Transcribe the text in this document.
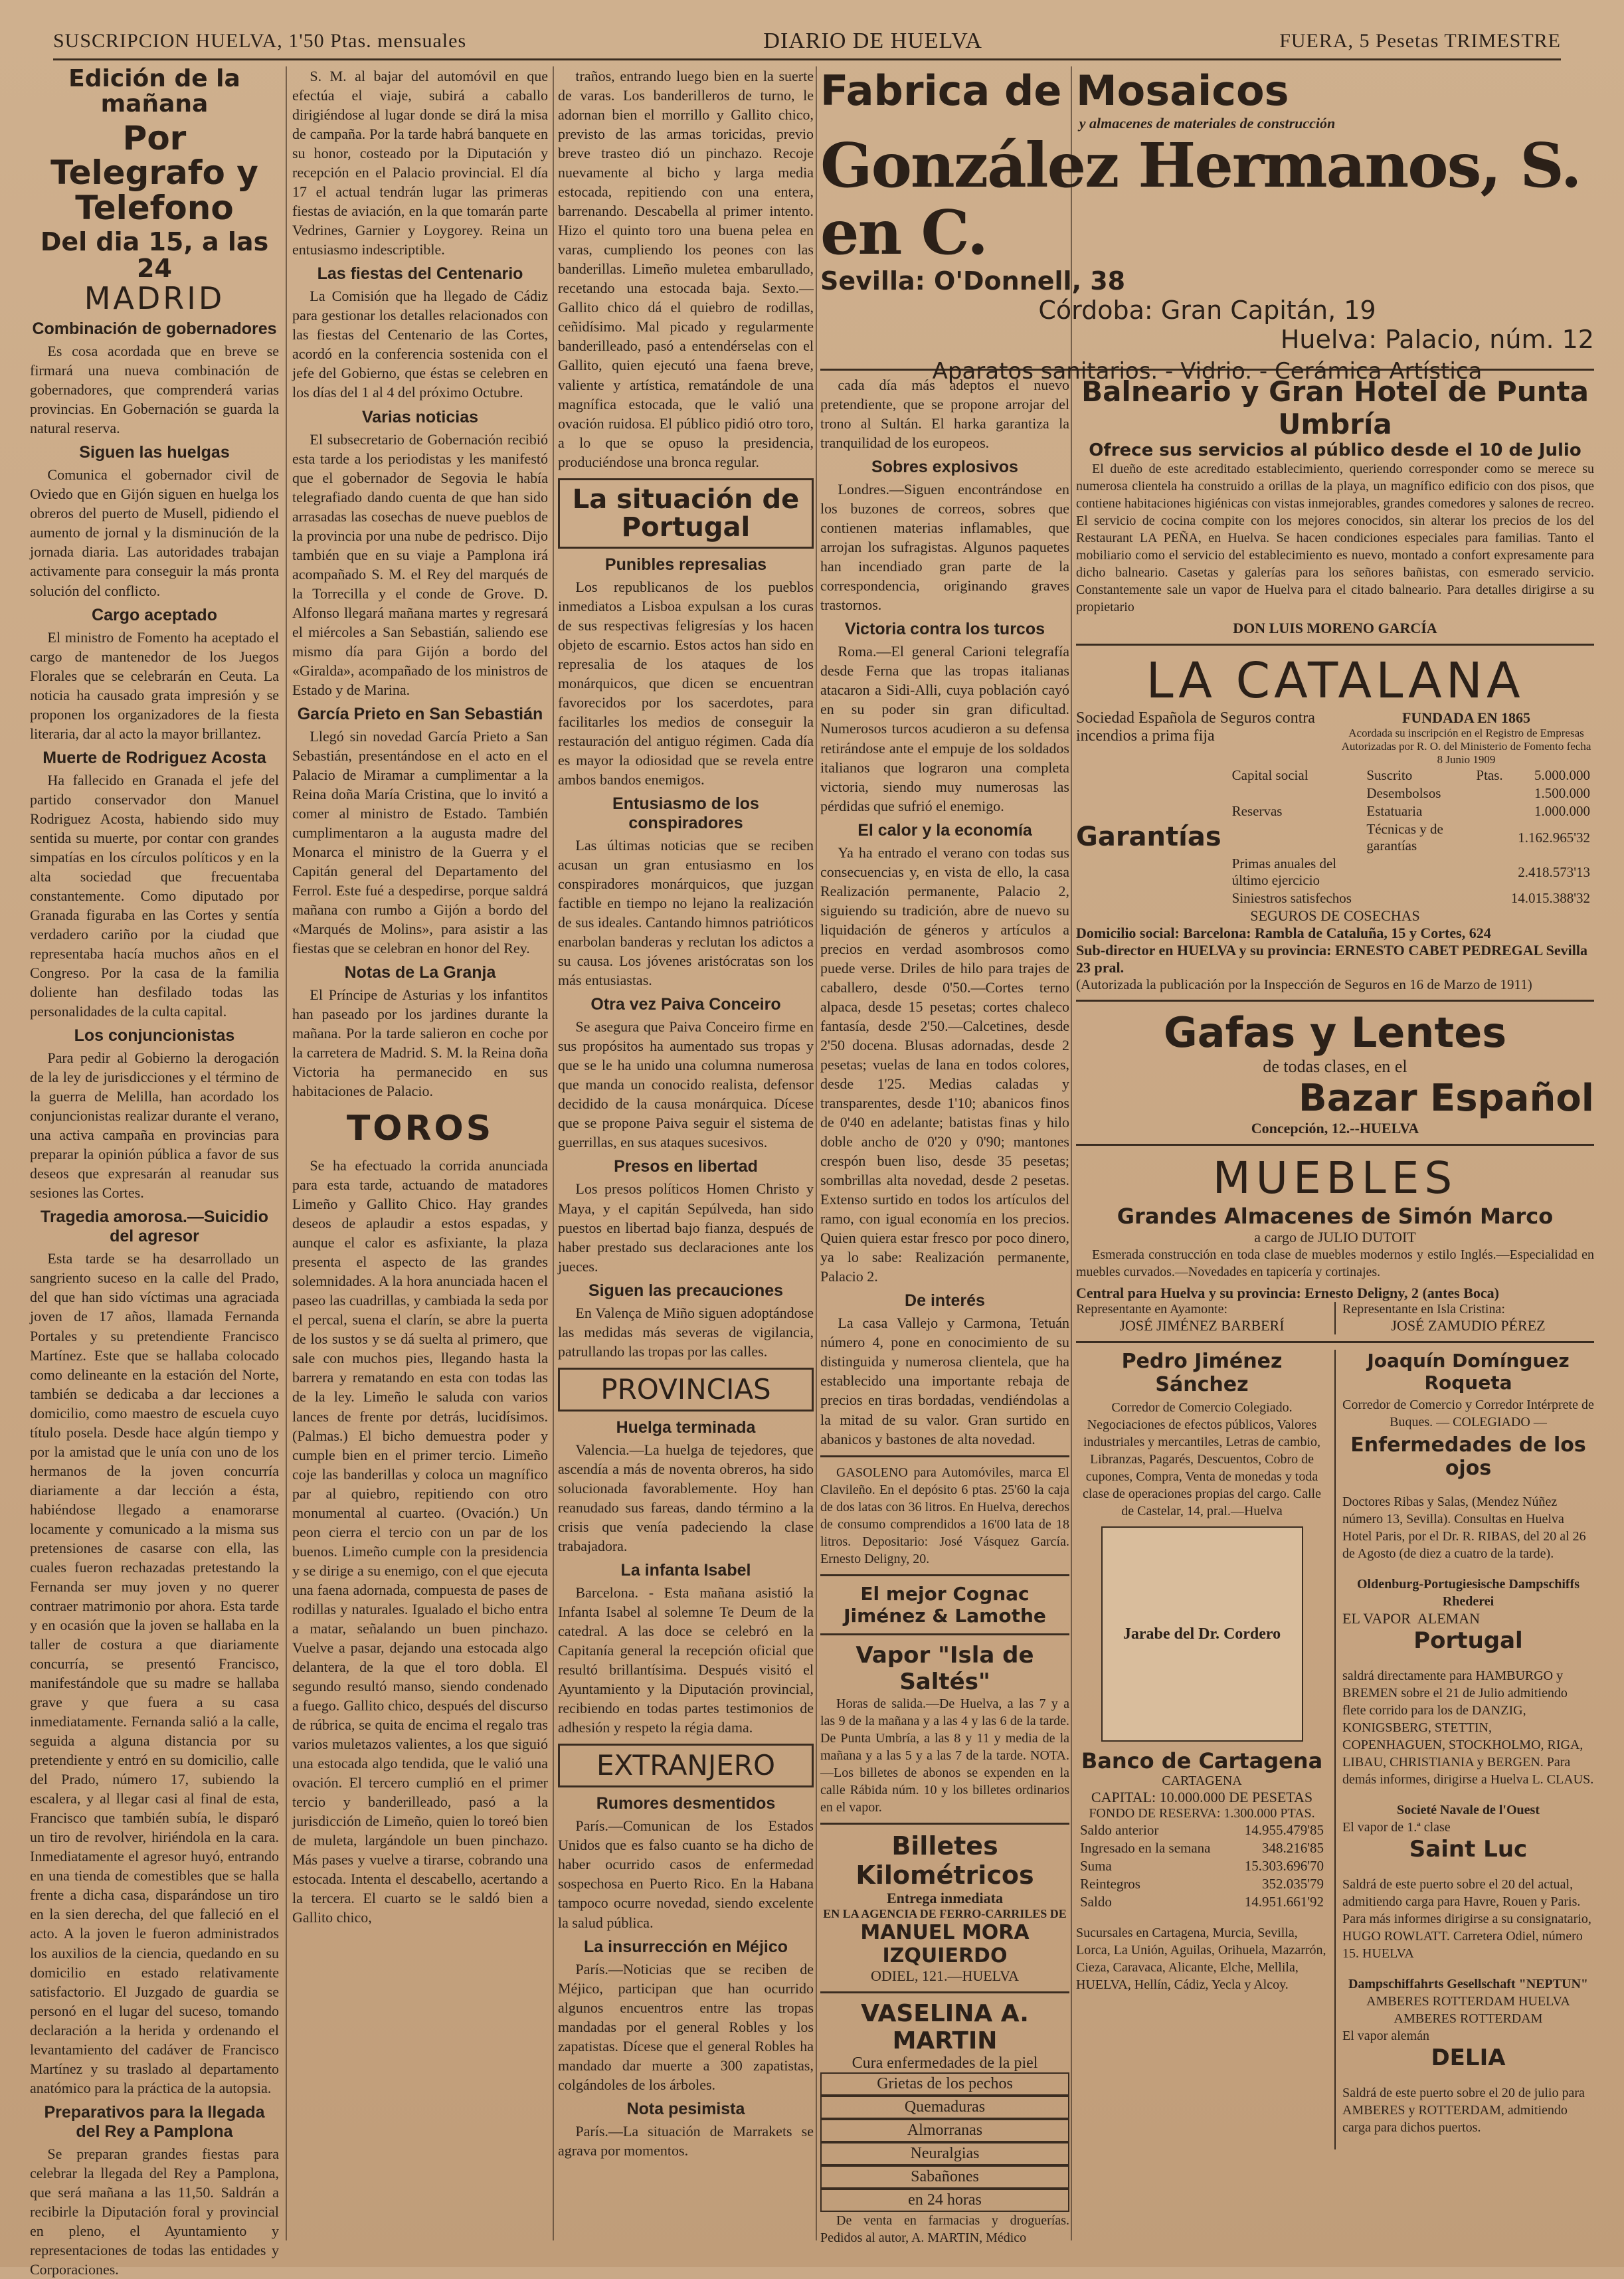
SUSCRIPCION HUELVA, 1'50 Ptas. mensuales	DIARIO DE HUELVA	FUERA, 5 Pesetas TRIMESTRE
Edición de la mañana
Por Telegrafo y Telefono
Del dia 15, a las 24
MADRID
Combinación de gobernadores

Es cosa acordada que en breve se firmará una nueva combinación de gobernadores, que comprenderá varias provincias. En Gobernación se guarda la natural reserva.

Siguen las huelgas

Comunica el gobernador civil de Oviedo que en Gijón siguen en huelga los obreros del puerto de Musell, pidiendo el aumento de jornal y la disminución de la jornada diaria. Las autoridades trabajan activamente para conseguir la más pronta solución del conflicto.

Cargo aceptado

El ministro de Fomento ha aceptado el cargo de mantenedor de los Juegos Florales que se celebrarán en Ceuta. La noticia ha causado grata impresión y se proponen los organizadores de la fiesta literaria, dar al acto la mayor brillantez.

Muerte de Rodriguez Acosta

Ha fallecido en Granada el jefe del partido conservador don Manuel Rodriguez Acosta, habiendo sido muy sentida su muerte, por contar con grandes simpatías en los círculos políticos y en la alta sociedad que frecuentaba constantemente. Como diputado por Granada figuraba en las Cortes y sentía verdadero cariño por la ciudad que representaba hacía muchos años en el Congreso. Por la casa de la familia doliente han desfilado todas las personalidades de la culta capital.

Los conjuncionistas

Para pedir al Gobierno la derogación de la ley de jurisdicciones y el término de la guerra de Melilla, han acordado los conjuncionistas realizar durante el verano, una activa campaña en provincias para preparar la opinión pública a favor de sus deseos que expresarán al reanudar sus sesiones las Cortes.

Tragedia amorosa.—Suicidio del agresor

Esta tarde se ha desarrollado un sangriento suceso en la calle del Prado, del que han sido víctimas una agraciada joven de 17 años, llamada Fernanda Portales y su pretendiente Francisco Martínez. Este que se hallaba colocado como delineante en la estación del Norte, también se dedicaba a dar lecciones a domicilio, como maestro de escuela cuyo título posela. Desde hace algún tiempo y por la amistad que le unía con uno de los hermanos de la joven concurría diariamente a dar lección a ésta, habiéndose llegado a enamorarse locamente y comunicado a la misma sus pretensiones de casarse con ella, las cuales fueron rechazadas pretestando la Fernanda ser muy joven y no querer contraer matrimonio por ahora. Esta tarde y en ocasión que la joven se hallaba en la taller de costura a que diariamente concurría, se presentó Francisco, manifestándole que su madre se hallaba grave y que fuera a su casa inmediatamente. Fernanda salió a la calle, seguida a alguna distancia por su pretendiente y entró en su domicilio, calle del Prado, número 17, subiendo la escalera, y al llegar casi al final de esta, Francisco que también subía, le disparó un tiro de revolver, hiriéndola en la cara. Inmediatamente el agresor huyó, entrando en una tienda de comestibles que se halla frente a dicha casa, disparándose un tiro en la sien derecha, del que falleció en el acto. A la joven le fueron administrados los auxilios de la ciencia, quedando en su domicilio en estado relativamente satisfactorio. El Juzgado de guardia se personó en el lugar del suceso, tomando declaración a la herida y ordenando el levantamiento del cadáver de Francisco Martínez y su traslado al departamento anatómico para la práctica de la autopsia.

Preparativos para la llegada del Rey a Pamplona

Se preparan grandes fiestas para celebrar la llegada del Rey a Pamplona, que será mañana a las 11,50. Saldrán a recibirle la Diputación foral y provincial en pleno, el Ayuntamiento y representaciones de todas las entidades y Corporaciones.

S. M. al bajar del automóvil en que efectúa el viaje, subirá a caballo dirigiéndose al lugar donde se dirá la misa de campaña. Por la tarde habrá banquete en su honor, costeado por la Diputación y recepción en el Palacio provincial. El día 17 el actual tendrán lugar las primeras fiestas de aviación, en la que tomarán parte Vedrines, Garnier y Loygorey. Reina un entusiasmo indescriptible.

Las fiestas del Centenario

La Comisión que ha llegado de Cádiz para gestionar los detalles relacionados con las fiestas del Centenario de las Cortes, acordó en la conferencia sostenida con el jefe del Gobierno, que éstas se celebren en los días del 1 al 4 del próximo Octubre.

Varias noticias

El subsecretario de Gobernación recibió esta tarde a los periodistas y les manifestó que el gobernador de Segovia le había telegrafiado dando cuenta de que han sido arrasadas las cosechas de nueve pueblos de la provincia por una nube de pedrisco. Dijo también que en su viaje a Pamplona irá acompañado S. M. el Rey del marqués de la Torrecilla y el conde de Grove. D. Alfonso llegará mañana martes y regresará el miércoles a San Sebastián, saliendo ese mismo día para Gijón a bordo del «Giralda», acompañado de los ministros de Estado y de Marina.

García Prieto en San Sebastián

Llegó sin novedad García Prieto a San Sebastián, presentándose en el acto en el Palacio de Miramar a cumplimentar a la Reina doña María Cristina, que lo invitó a comer al ministro de Estado. También cumplimentaron a la augusta madre del Monarca el ministro de la Guerra y el Capitán general del Departamento del Ferrol. Este fué a despedirse, porque saldrá mañana con rumbo a Gijón a bordo del «Marqués de Molins», para asistir a las fiestas que se celebran en honor del Rey.

Notas de La Granja

El Príncipe de Asturias y los infantitos han paseado por los jardines durante la mañana. Por la tarde salieron en coche por la carretera de Madrid. S. M. la Reina doña Victoria ha permanecido en sus habitaciones de Palacio.

TOROS

Se ha efectuado la corrida anunciada para esta tarde, actuando de matadores Limeño y Gallito Chico. Hay grandes deseos de aplaudir a estos espadas, y aunque el calor es asfixiante, la plaza presenta el aspecto de las grandes solemnidades. A la hora anunciada hacen el paseo las cuadrillas, y cambiada la seda por el percal, suena el clarín, se abre la puerta de los sustos y se dá suelta al primero, que sale con muchos pies, llegando hasta la barrera y rematando en esta con todas las de la ley. Limeño le saluda con varios lances de frente por detrás, lucidísimos. (Palmas.) El bicho demuestra poder y cumple bien en el primer tercio. Limeño coje las banderillas y coloca un magnífico par al quiebro, repitiendo con otro monumental al cuarteo. (Ovación.) Un peon cierra el tercio con un par de los buenos. Limeño cumple con la presidencia y se dirige a su enemigo, con el que ejecuta una faena adornada, compuesta de pases de rodillas y naturales. Igualado el bicho entra a matar, señalando un buen pinchazo. Vuelve a pasar, dejando una estocada algo delantera, de la que el toro dobla. El segundo resultó manso, siendo condenado a fuego. Gallito chico, después del discurso de rúbrica, se quita de encima el regalo tras varios muletazos valientes, a los que siguió una estocada algo tendida, que le valió una ovación. El tercero cumplió en el primer tercio y banderilleado, pasó a la jurisdicción de Limeño, quien lo toreó bien de muleta, largándole un buen pinchazo. Más pases y vuelve a tirarse, cobrando una estocada. Intenta el descabello, acertando a la tercera. El cuarto se le saldó bien a Gallito chico,

traños, entrando luego bien en la suerte de varas. Los banderilleros de turno, le adornan bien el morrillo y Gallito chico, previsto de las armas toricidas, previo breve trasteo dió un pinchazo. Recoje nuevamente al bicho y larga media estocada, repitiendo con una entera, barrenando. Descabella al primer intento. Hizo el quinto toro una buena pelea en varas, cumpliendo los peones con las banderillas. Limeño muletea embarullado, recetando una estocada baja. Sexto.—Gallito chico dá el quiebro de rodillas, ceñidísimo. Mal picado y regularmente banderilleado, pasó a entendérselas con el Gallito, quien ejecutó una faena breve, valiente y artística, rematándole de una magnífica estocada, que le valió una ovación ruidosa. El público pidió otro toro, a lo que se opuso la presidencia, produciéndose una bronca regular.

La situación de Portugal
Punibles represalias

Los republicanos de los pueblos inmediatos a Lisboa expulsan a los curas de sus respectivas feligresías y los hacen objeto de escarnio. Estos actos han sido en represalia de los ataques de los monárquicos, que dicen se encuentran favorecidos por los sacerdotes, para facilitarles los medios de conseguir la restauración del antiguo régimen. Cada día es mayor la odiosidad que se revela entre ambos bandos enemigos.

Entusiasmo de los conspiradores

Las últimas noticias que se reciben acusan un gran entusiasmo en los conspiradores monárquicos, que juzgan factible en tiempo no lejano la realización de sus ideales. Cantando himnos patrióticos enarbolan banderas y reclutan los adictos a su causa. Los jóvenes aristócratas son los más entusiastas.

Otra vez Paiva Conceiro

Se asegura que Paiva Conceiro firme en sus propósitos ha aumentado sus tropas y que se le ha unido una columna numerosa que manda un conocido realista, defensor decidido de la causa monárquica. Dícese que se propone Paiva seguir el sistema de guerrillas, en sus ataques sucesivos.

Presos en libertad

Los presos políticos Homen Christo y Maya, y el capitán Sepúlveda, han sido puestos en libertad bajo fianza, después de haber prestado sus declaraciones ante los jueces.

Siguen las precauciones

En Valença de Miño siguen adoptándose las medidas más severas de vigilancia, patrullando las tropas por las calles.

PROVINCIAS
Huelga terminada

Valencia.—La huelga de tejedores, que ascendía a más de noventa obreros, ha sido solucionada favorablemente. Hoy han reanudado sus fareas, dando término a la crisis que venía padeciendo la clase trabajadora.

La infanta Isabel

Barcelona. - Esta mañana asistió la Infanta Isabel al solemne Te Deum de la catedral. A las doce se celebró en la Capitanía general la recepción oficial que resultó brillantísima. Después visitó el Ayuntamiento y la Diputación provincial, recibiendo en todas partes testimonios de adhesión y respeto la régia dama.

EXTRANJERO
Rumores desmentidos

París.—Comunican de los Estados Unidos que es falso cuanto se ha dicho de haber ocurrido casos de enfermedad sospechosa en Puerto Rico. En la Habana tampoco ocurre novedad, siendo excelente la salud pública.

La insurrección en Méjico

París.—Noticias que se reciben de Méjico, participan que han ocurrido algunos encuentros entre las tropas mandadas por el general Robles y los zapatistas. Dícese que el general Robles ha mandado dar muerte a 300 zapatistas, colgándoles de los árboles.

Nota pesimista

París.—La situación de Marrakets se agrava por momentos.

Fabrica de Mosaicos
y almacenes de materiales de construcción
González Hermanos, S. en C.
Sevilla: O'Donnell, 38
Córdoba: Gran Capitán, 19
Huelva: Palacio, núm. 12
Aparatos sanitarios. - Vidrio. - Cerámica Artística

cada día más adeptos el nuevo pretendiente, que se propone arrojar del trono al Sultán. El harka garantiza la tranquilidad de los europeos.

Sobres explosivos

Londres.—Siguen encontrándose en los buzones de correos, sobres que contienen materias inflamables, que arrojan los sufragistas. Algunos paquetes han incendiado gran parte de la correspondencia, originando graves trastornos.

Victoria contra los turcos

Roma.—El general Carioni telegrafía desde Ferna que las tropas italianas atacaron a Sidi-Alli, cuya población cayó en su poder sin gran dificultad. Numerosos turcos acudieron a su defensa retirándose ante el empuje de los soldados italianos que lograron una completa victoria, siendo muy numerosas las pérdidas que sufrió el enemigo.

El calor y la economía

Ya ha entrado el verano con todas sus consecuencias y, en vista de ello, la casa Realización permanente, Palacio 2, siguiendo su tradición, abre de nuevo su liquidación de géneros y artículos a precios en verdad asombrosos como puede verse. Driles de hilo para trajes de caballero, desde 0'50.—Cortes terno alpaca, desde 15 pesetas; cortes chaleco fantasía, desde 2'50.—Calcetines, desde 2'50 docena. Blusas adornadas, desde 2 pesetas; vuelas de lana en todos colores, desde 1'25. Medias caladas y transparentes, desde 1'10; abanicos finos de 0'40 en adelante; batistas finas y hilo doble ancho de 0'20 y 0'90; mantones crespón buen liso, desde 35 pesetas; sombrillas alta novedad, desde 2 pesetas. Extenso surtido en todos los artículos del ramo, con igual economía en los precios. Quien quiera estar fresco por poco dinero, ya lo sabe: Realización permanente, Palacio 2.

De interés

La casa Vallejo y Carmona, Tetuán número 4, pone en conocimiento de su distinguida y numerosa clientela, que ha establecido una importante rebaja de precios en tiras bordadas, vendiéndolas a la mitad de su valor. Gran surtido en abanicos y bastones de alta novedad.

GASOLENO para Automóviles, marca El Clavileño. En el depósito 6 ptas. 25'60 la caja de dos latas con 36 litros. En Huelva, derechos de consumo comprendidos a 16'00 lata de 18 litros. Depositario: José Vásquez García. Ernesto Deligny, 20.

El mejor Cognac Jiménez & Lamothe
Vapor "Isla de Saltés"

Horas de salida.—De Huelva, a las 7 y a las 9 de la mañana y a las 4 y las 6 de la tarde. De Punta Umbría, a las 8 y 11 y media de la mañana y a las 5 y a las 7 de la tarde. NOTA.—Los billetes de abonos se expenden en la calle Rábida núm. 10 y los billetes ordinarios en el vapor.

Billetes Kilométricos
Entrega inmediata
EN LA AGENCIA DE FERRO-CARRILES DE
MANUEL MORA IZQUIERDO
ODIEL, 121.—HUELVA
VASELINA A. MARTIN
Cura enfermedades de la piel
Grietas de los pechos
Quemaduras
Almorranas
Neuralgias
Sabañones
en 24 horas

De venta en farmacias y droguerías. Pedidos al autor, A. MARTIN, Médico

Balneario y Gran Hotel de Punta Umbría
Ofrece sus servicios al público desde el 10 de Julio

El dueño de este acreditado establecimiento, queriendo corresponder como se merece su numerosa clientela ha construido a orillas de la playa, un magnífico edificio con dos pisos, que contiene habitaciones higiénicas con vistas inmejorables, grandes comedores y salones de recreo. El servicio de cocina compite con los mejores conocidos, sin alterar los precios de los del Restaurant LA PEÑA, en Huelva. Se hacen condiciones especiales para familias. Tanto el mobiliario como el servicio del establecimiento es nuevo, montado a confort expresamente para dicho balneario. Casetas y galerías para los señores bañistas, con esmerado servicio. Constantemente sale un vapor de Huelva para el citado balneario. Para detalles dirigirse a su propietario

DON LUIS MORENO GARCÍA
LA CATALANA
Sociedad Española de Seguros contra incendios a prima fija
FUNDADA EN 1865
Acordada su inscripción en el Registro de Empresas Autorizadas por R. O. del Ministerio de Fomento fecha 8 Junio 1909
Garantías
Capital social	Suscrito	Ptas.	5.000.000
	Desembolsos		1.500.000
Reservas	Estatuaria		1.000.000
	Técnicas y de garantías		1.162.965'32
Primas anuales del último ejercicio			2.418.573'13
Siniestros satisfechos			14.015.388'32
SEGUROS DE COSECHAS
Domicilio social: Barcelona: Rambla de Cataluña, 15 y Cortes, 624
Sub-director en HUELVA y su provincia: ERNESTO CABET PEDREGAL Sevilla 23 pral.
(Autorizada la publicación por la Inspección de Seguros en 16 de Marzo de 1911)
Gafas y Lentes
de todas clases, en el
Bazar Español
Concepción, 12.--HUELVA
MUEBLES
Grandes Almacenes de Simón Marco
a cargo de JULIO DUTOIT

Esmerada construcción en toda clase de muebles modernos y estilo Inglés.—Especialidad en muebles curvados.—Novedades en tapicería y cortinajes.

Central para Huelva y su provincia: Ernesto Deligny, 2 (antes Boca)
Representante en Ayamonte:
JOSÉ JIMÉNEZ BARBERÍ
Representante en Isla Cristina:
JOSÉ ZAMUDIO PÉREZ
Pedro Jiménez Sánchez

Corredor de Comercio Colegiado. Negociaciones de efectos públicos, Valores industriales y mercantiles, Letras de cambio, Libranzas, Pagarés, Descuentos, Cobro de cupones, Compra, Venta de monedas y toda clase de operaciones propias del cargo. Calle de Castelar, 14, pral.—Huelva

Jarabe del Dr. Cordero
Banco de Cartagena
CARTAGENA
CAPITAL: 10.000.000 DE PESETAS
FONDO DE RESERVA: 1.300.000 PTAS.
Saldo anterior	14.955.479'85
Ingresado en la semana	348.216'85
Suma	15.303.696'70
Reintegros	352.035'79
Saldo	14.951.661'92

Sucursales en Cartagena, Murcia, Sevilla, Lorca, La Unión, Aguilas, Orihuela, Mazarrón, Cieza, Caravaca, Alicante, Elche, Mellila, HUELVA, Hellín, Cádiz, Yecla y Alcoy.

Joaquín Domínguez Roqueta

Corredor de Comercio y Corredor Intérprete de Buques. — COLEGIADO —

Enfermedades de los ojos

Doctores Ribas y Salas, (Mendez Núñez número 13, Sevilla). Consultas en Huelva Hotel Paris, por el Dr. R. RIBAS, del 20 al 26 de Agosto (de diez a cuatro de la tarde).

Oldenburg-Portugiesische Dampschiffs Rhederei
EL VAPOR ALEMAN
Portugal

saldrá directamente para HAMBURGO y BREMEN sobre el 21 de Julio admitiendo flete corrido para los de DANZIG, KONIGSBERG, STETTIN, COPENHAGUEN, STOCKHOLMO, RIGA, LIBAU, CHRISTIANIA y BERGEN. Para demás informes, dirigirse a Huelva L. CLAUS.

Societé Navale de l'Ouest
El vapor de 1.ª clase
Saint Luc

Saldrá de este puerto sobre el 20 del actual, admitiendo carga para Havre, Rouen y Paris. Para más informes dirigirse a su consignatario, HUGO ROWLATT. Carretera Odiel, número 15. HUELVA

Dampschiffahrts Gesellschaft "NEPTUN"
AMBERES ROTTERDAM HUELVA AMBERES ROTTERDAM
El vapor alemán
DELIA

Saldrá de este puerto sobre el 20 de julio para AMBERES y ROTTERDAM, admitiendo carga para dichos puertos.
